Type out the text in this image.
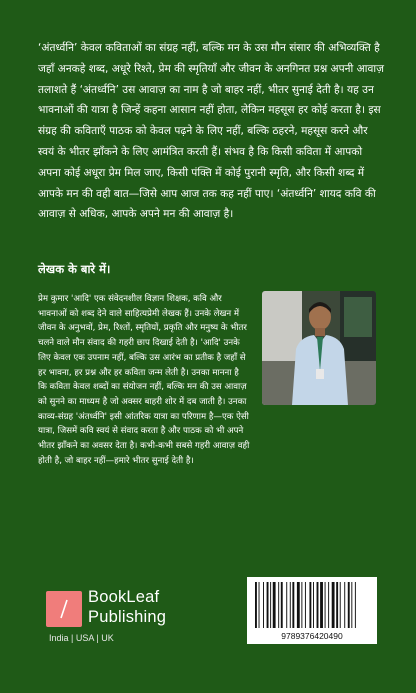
‘अंतर्ध्वनि’ केवल कविताओं का संग्रह नहीं, बल्कि मन के उस मौन संसार की अभिव्यक्ति है जहाँ अनकहे शब्द, अधूरे रिश्ते, प्रेम की स्मृतियाँ और जीवन के अनगिनत प्रश्न अपनी आवाज़ तलाशते हैं ‘अंतर्ध्वनि’ उस आवाज़ का नाम है जो बाहर नहीं, भीतर सुनाई देती है। यह उन भावनाओं की यात्रा है जिन्हें कहना आसान नहीं होता, लेकिन महसूस हर कोई करता है। इस संग्रह की कविताएँ पाठक को केवल पढ़ने के लिए नहीं, बल्कि ठहरने, महसूस करने और स्वयं के भीतर झाँकने के लिए आमंत्रित करती हैं। संभव है कि किसी कविता में आपको अपना कोई अधूरा प्रेम मिल जाए, किसी पंक्ति में कोई पुरानी स्मृति, और किसी शब्द में आपके मन की वही बात—जिसे आप आज तक कह नहीं पाए। ‘अंतर्ध्वनि’ शायद कवि की आवाज़ से अधिक, आपके अपने मन की आवाज़ है।
लेखक के बारे में।
प्रेम कुमार 'आदि' एक संवेदनशील विज्ञान शिक्षक, कवि और भावनाओं को शब्द देने वाले साहित्यप्रेमी लेखक हैं। उनके लेखन में जीवन के अनुभवों, प्रेम, रिश्तों, स्मृतियों, प्रकृति और मनुष्य के भीतर चलने वाले मौन संवाद की गहरी छाप दिखाई देती है। 'आदि' उनके लिए केवल एक उपनाम नहीं, बल्कि उस आरंभ का प्रतीक है जहाँ से हर भावना, हर प्रश्न और हर कविता जन्म लेती है। उनका मानना है कि कविता केवल शब्दों का संयोजन नहीं, बल्कि मन की उस आवाज़ को सुनने का माध्यम है जो अक्सर बाहरी शोर में दब जाती है। उनका काव्य-संग्रह 'अंतर्ध्वनि' इसी आंतरिक यात्रा का परिणाम है—एक ऐसी यात्रा, जिसमें कवि स्वयं से संवाद करता है और पाठक को भी अपने भीतर झाँकने का अवसर देता है। कभी-कभी सबसे गहरी आवाज़ वही होती है, जो बाहर नहीं—हमारे भीतर सुनाई देती है।
BookLeaf
Publishing
India | USA | UK	9789376420490
